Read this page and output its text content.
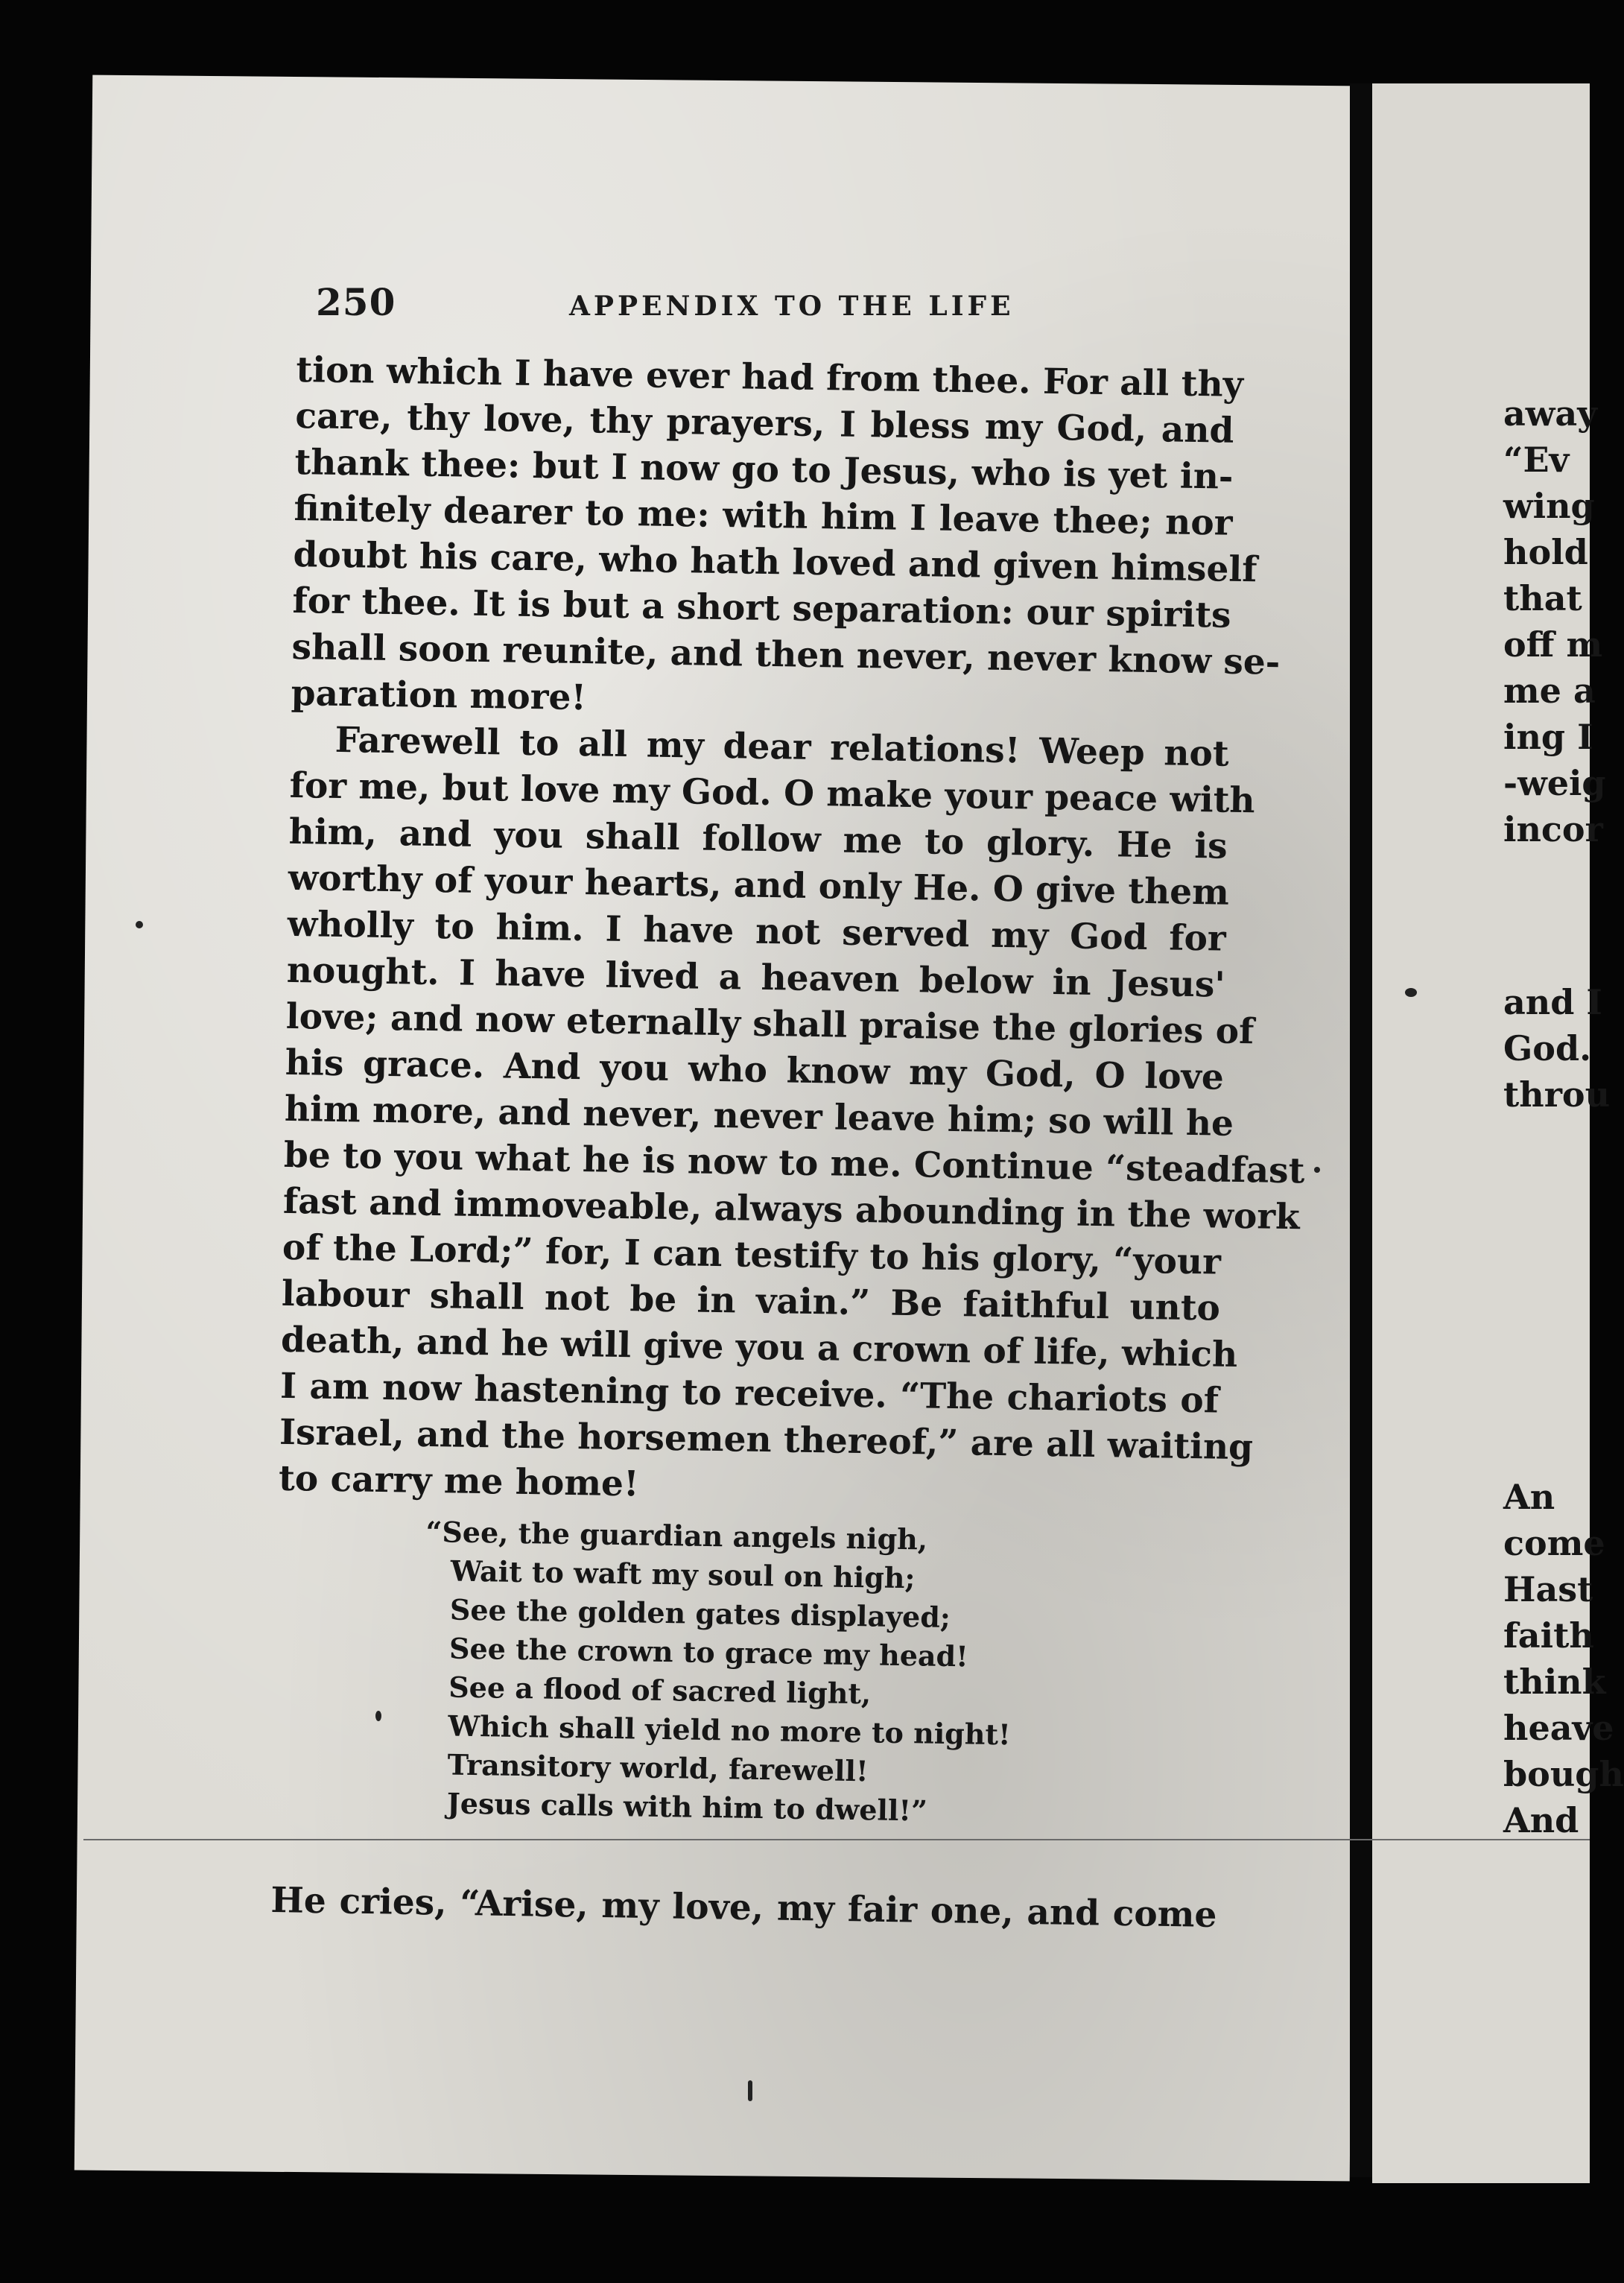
250	APPENDIX TO THE LIFE
tion which I have ever had from thee. For all thy
care, thy love, thy prayers, I bless my God, and
thank thee: but I now go to Jesus, who is yet in-
finitely dearer to me: with him I leave thee; nor
doubt his care, who hath loved and given himself
for thee. It is but a short separation: our spirits
shall soon reunite, and then never, never know se-
paration more!
Farewell to all my dear relations! Weep not
for me, but love my God. O make your peace with
him, and you shall follow me to glory. He is
worthy of your hearts, and only He. O give them
wholly to him. I have not served my God for
nought. I have lived a heaven below in Jesus'
love; and now eternally shall praise the glories of
his grace. And you who know my God, O love
him more, and never, never leave him; so will he
be to you what he is now to me. Continue “steadfast
fast and immoveable, always abounding in the work
of the Lord;” for, I can testify to his glory, “your
labour shall not be in vain.” Be faithful unto
death, and he will give you a crown of life, which
I am now hastening to receive. “The chariots of
Israel, and the horsemen thereof,” are all waiting
to carry me home!
“See, the guardian angels nigh,
Wait to waft my soul on high;
See the golden gates displayed;
See the crown to grace my head!
See a flood of sacred light,
Which shall yield no more to night!
Transitory world, farewell!
Jesus calls with him to dwell!”
He cries, “Arise, my love, my fair one, and come
away
“Ev
wing
hold
that
off m
me a
ing I
-weig
incor
and I
God.
throu
An
come
Hast
faith
think
heave
bough
And
